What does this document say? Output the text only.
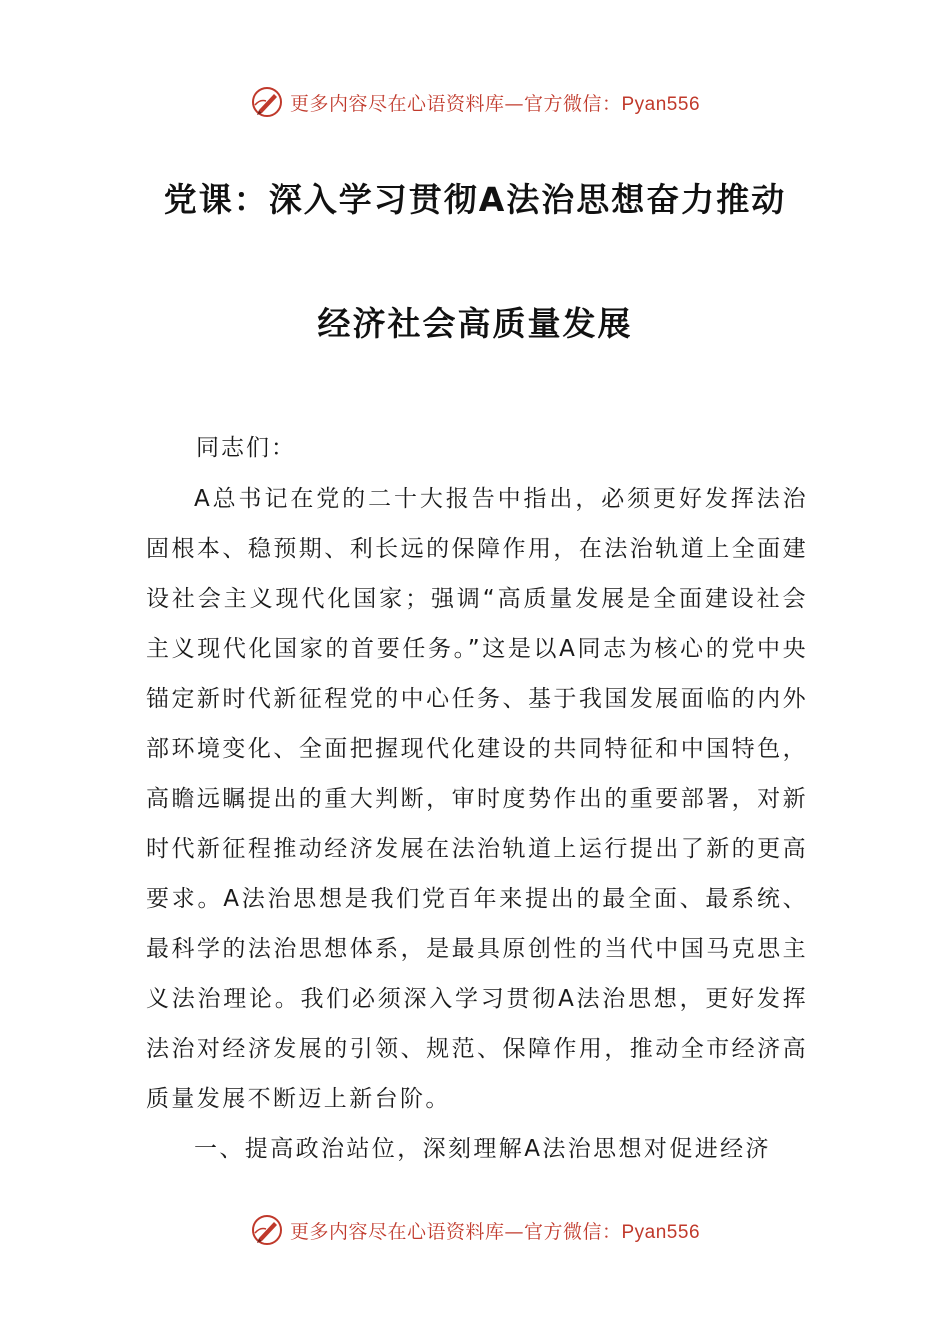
更多内容尽在心语资料库—官方微信：Pyan556
党课：深入学习贯彻A法治思想奋力推动
经济社会高质量发展
同志们：
A总书记在党的二十大报告中指出，必须更好发挥法治固根本、稳预期、利长远的保障作用，在法治轨道上全面建设社会主义现代化国家；强调“高质量发展是全面建设社会主义现代化国家的首要任务。”这是以A同志为核心的党中央锚定新时代新征程党的中心任务、基于我国发展面临的内外部环境变化、全面把握现代化建设的共同特征和中国特色，高瞻远瞩提出的重大判断，审时度势作出的重要部署，对新时代新征程推动经济发展在法治轨道上运行提出了新的更高要求。A法治思想是我们党百年来提出的最全面、最系统、最科学的法治思想体系，是最具原创性的当代中国马克思主义法治理论。我们必须深入学习贯彻A法治思想，更好发挥法治对经济发展的引领、规范、保障作用，推动全市经济高质量发展不断迈上新台阶。
一、提高政治站位，深刻理解A法治思想对促进经济
更多内容尽在心语资料库—官方微信：Pyan556
